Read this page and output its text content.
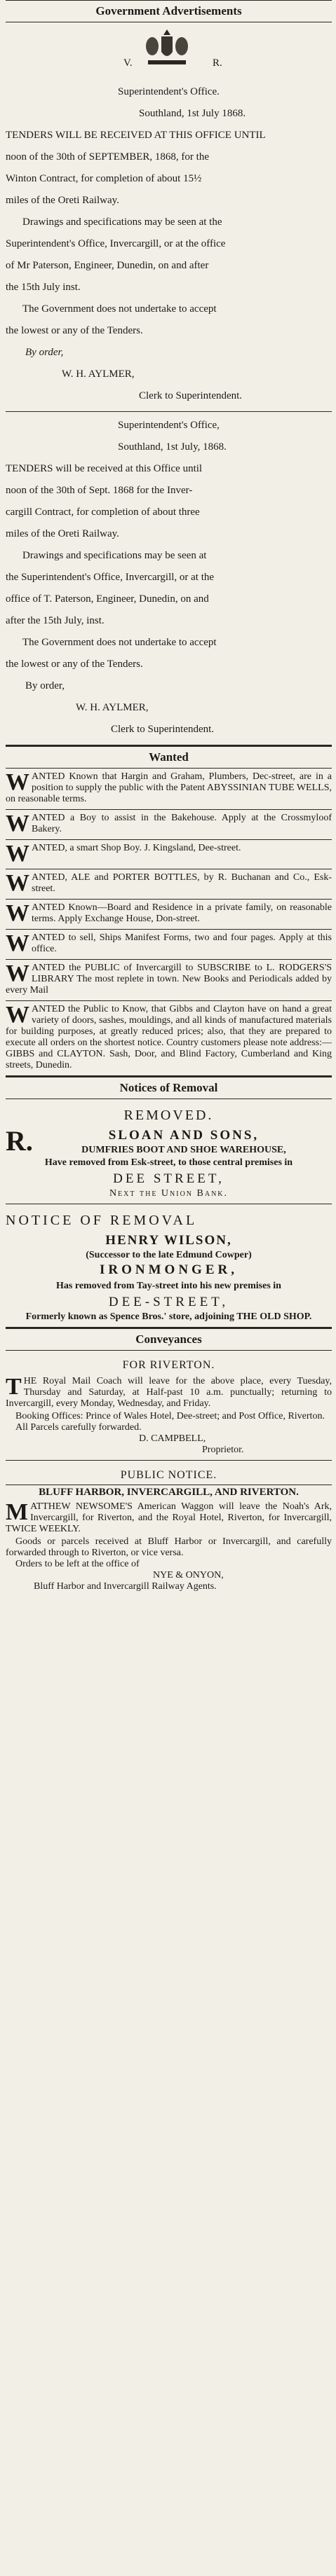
Government Advertisements
V.	R.
Superintendent's Office.
Southland, 1st July 1868.
TENDERS WILL BE RECEIVED AT THIS OFFICE UNTIL
noon of the 30th of SEPTEMBER, 1868, for the
Winton Contract, for completion of about 15½
miles of the Oreti Railway.
Drawings and specifications may be seen at the
Superintendent's Office, Invercargill, or at the office
of Mr Paterson, Engineer, Dunedin, on and after
the 15th July inst.
The Government does not undertake to accept
the lowest or any of the Tenders.
By order,
W. H. AYLMER,
Clerk to Superintendent.
Superintendent's Office,
Southland, 1st July, 1868.
TENDERS will be received at this Office until
noon of the 30th of Sept. 1868 for the Inver-
cargill Contract, for completion of about three
miles of the Oreti Railway.
Drawings and specifications may be seen at
the Superintendent's Office, Invercargill, or at the
office of T. Paterson, Engineer, Dunedin, on and
after the 15th July, inst.
The Government does not undertake to accept
the lowest or any of the Tenders.
By order,
W. H. AYLMER,
Clerk to Superintendent.
Wanted
W ANTED Known that Hargin and Graham, Plumbers, Dec-street, are in a position to supply the public with the Patent ABYSSINIAN TUBE WELLS, on reasonable terms.
W ANTED a Boy to assist in the Bakehouse. Apply at the Crossmyloof Bakery.
W ANTED, a smart Shop Boy. J. Kingsland, Dee-street.
W ANTED, ALE and PORTER BOTTLES, by R. Buchanan and Co., Esk-street.
W ANTED Known—Board and Residence in a private family, on reasonable terms. Apply Exchange House, Don-street.
W ANTED to sell, Ships Manifest Forms, two and four pages. Apply at this office.
W ANTED the PUBLIC of Invercargill to SUBSCRIBE to L. RODGERS'S LIBRARY The most replete in town. New Books and Periodicals added by every Mail
W ANTED the Public to Know, that Gibbs and Clayton have on hand a great variety of doors, sashes, mouldings, and all kinds of manufactured materials for building purposes, at greatly reduced prices; also, that they are prepared to execute all orders on the shortest notice. Country customers please note address:—GIBBS and CLAYTON. Sash, Door, and Blind Factory, Cumberland and King streets, Dunedin.
Notices of Removal
REMOVED.
R.	SLOAN AND SONS,
DUMFRIES BOOT AND SHOE WAREHOUSE,
Have removed from Esk-street, to those central premises in
DEE STREET,
Next the Union Bank.
NOTICE OF REMOVAL
HENRY WILSON,
(Successor to the late Edmund Cowper)
IRONMONGER,
Has removed from Tay-street into his new premises in
DEE-STREET,
Formerly known as Spence Bros.' store, adjoining THE OLD SHOP.
Conveyances
FOR RIVERTON.
T HE Royal Mail Coach will leave for the above place, every Tuesday, Thursday and Saturday, at Half-past 10 a.m. punctually; returning to Invercargill, every Monday, Wednesday, and Friday.
Booking Offices: Prince of Wales Hotel, Dee-street; and Post Office, Riverton.
All Parcels carefully forwarded.
D. CAMPBELL,
Proprietor.
PUBLIC NOTICE.
BLUFF HARBOR, INVERCARGILL, AND RIVERTON.
M ATTHEW NEWSOME'S American Waggon will leave the Noah's Ark, Invercargill, for Riverton, and the Royal Hotel, Riverton, for Invercargill, TWICE WEEKLY.
Goods or parcels received at Bluff Harbor or Invercargill, and carefully forwarded through to Riverton, or vice versa.
Orders to be left at the office of
NYE & ONYON,
Bluff Harbor and Invercargill Railway Agents.
